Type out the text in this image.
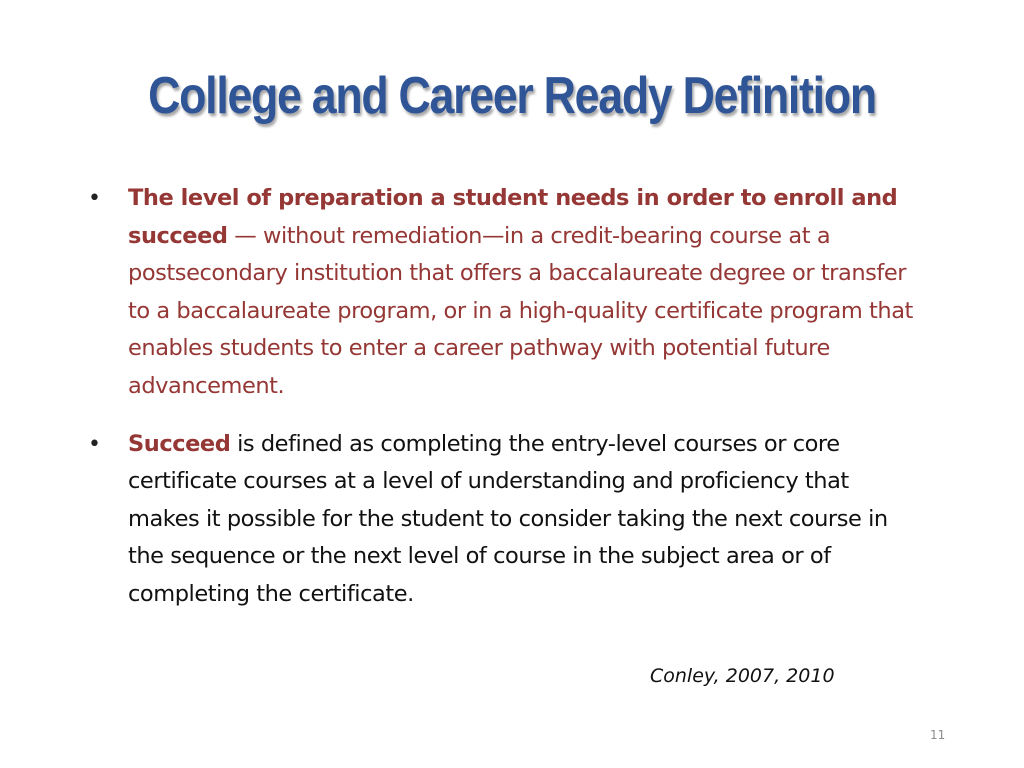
College and Career Ready Definition
• The level of preparation a student needs in order to enroll and succeed — without remediation—in a credit-bearing course at a postsecondary institution that offers a baccalaureate degree or transfer to a baccalaureate program, or in a high-quality certificate program that enables students to enter a career pathway with potential future advancement.
• Succeed is defined as completing the entry-level courses or core certificate courses at a level of understanding and proficiency that makes it possible for the student to consider taking the next course in the sequence or the next level of course in the subject area or of completing the certificate.
Conley, 2007, 2010
11
